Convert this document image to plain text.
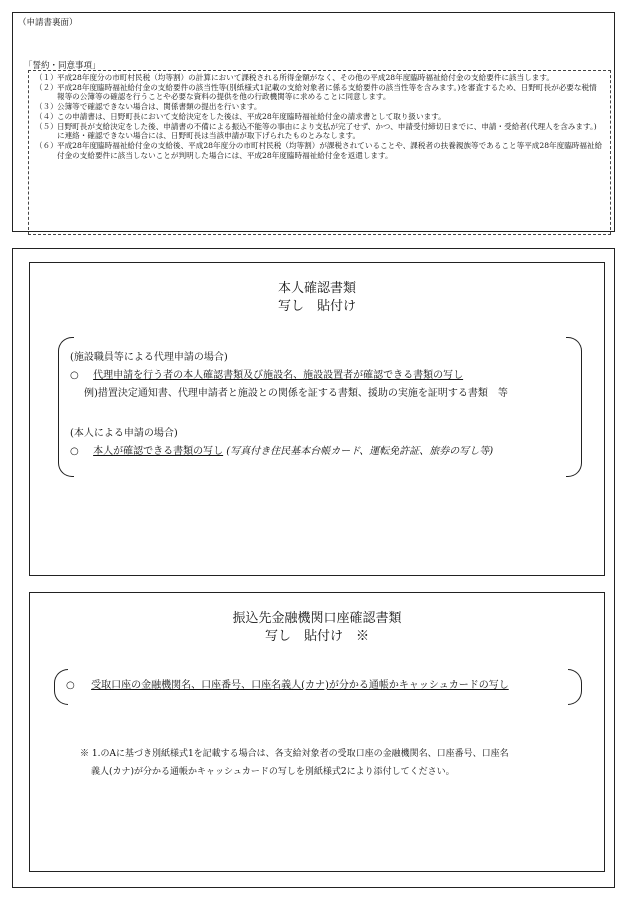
（申請書裏面）
「誓約・同意事項」
（１） 平成28年度分の市町村民税（均等割）の計算において課税される所得金額がなく、その他の平成28年度臨時福祉給付金の支給要件に該当します。
（２） 平成28年度臨時福祉給付金の支給要件の該当性等(別紙様式1記載の支給対象者に係る支給要件の該当性等を含みます。)を審査するため、日野町長が必要な税情報等の公簿等の確認を行うことや必要な資料の提供を他の行政機関等に求めることに同意します。
（３） 公簿等で確認できない場合は、関係書類の提出を行います。
（４） この申請書は、日野町長において支給決定をした後は、平成28年度臨時福祉給付金の請求書として取り扱います。
（５） 日野町長が支給決定をした後、申請書の不備による振込不能等の事由により支払が完了せず、かつ、申請受付締切日までに、申請・受給者(代理人を含みます。)に連絡・確認できない場合には、日野町長は当該申請が取下げられたものとみなします。
（６） 平成28年度臨時福祉給付金の支給後、平成28年度分の市町村民税（均等割）が課税されていることや、課税者の扶養親族等であること等平成28年度臨時福祉給付金の支給要件に該当しないことが判明した場合には、平成28年度臨時福祉給付金を返還します。
本人確認書類
写し　貼付け
(施設職員等による代理申請の場合)
○ 代理申請を行う者の本人確認書類及び施設名、施設設置者が確認できる書類の写し
例)措置決定通知書、代理申請者と施設との関係を証する書類、援助の実施を証明する書類　等
(本人による申請の場合)
○ 本人が確認できる書類の写し (写真付き住民基本台帳カード、運転免許証、旅券の写し等)
振込先金融機関口座確認書類
写し　貼付け　※
○ 受取口座の金融機関名、口座番号、口座名義人(カナ)が分かる通帳かキャッシュカードの写し
※ 1.のAに基づき別紙様式1を記載する場合は、各支給対象者の受取口座の金融機関名、口座番号、口座名
義人(カナ)が分かる通帳かキャッシュカードの写しを別紙様式2により添付してください。
